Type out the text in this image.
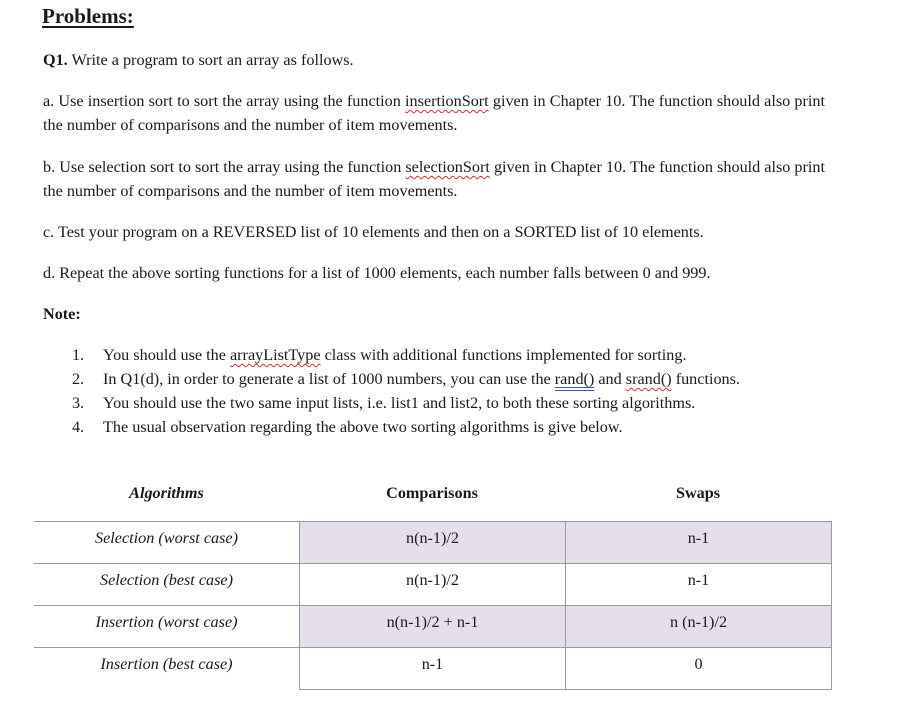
Problems:
Q1. Write a program to sort an array as follows.
a. Use insertion sort to sort the array using the function insertionSort given in Chapter 10. The function should also print the number of comparisons and the number of item movements.
b. Use selection sort to sort the array using the function selectionSort given in Chapter 10. The function should also print the number of comparisons and the number of item movements.
c. Test your program on a REVERSED list of 10 elements and then on a SORTED list of 10 elements.
d. Repeat the above sorting functions for a list of 1000 elements, each number falls between 0 and 999.
Note:
1.	You should use the arrayListType class with additional functions implemented for sorting.
2.	In Q1(d), in order to generate a list of 1000 numbers, you can use the rand() and srand() functions.
3.	You should use the two same input lists, i.e. list1 and list2, to both these sorting algorithms.
4.	The usual observation regarding the above two sorting algorithms is give below.
Algorithms	Comparisons	Swaps
Selection (worst case)	n(n-1)/2	n-1
Selection (best case)	n(n-1)/2	n-1
Insertion (worst case)	n(n-1)/2 + n-1	n (n-1)/2
Insertion (best case)	n-1	0
